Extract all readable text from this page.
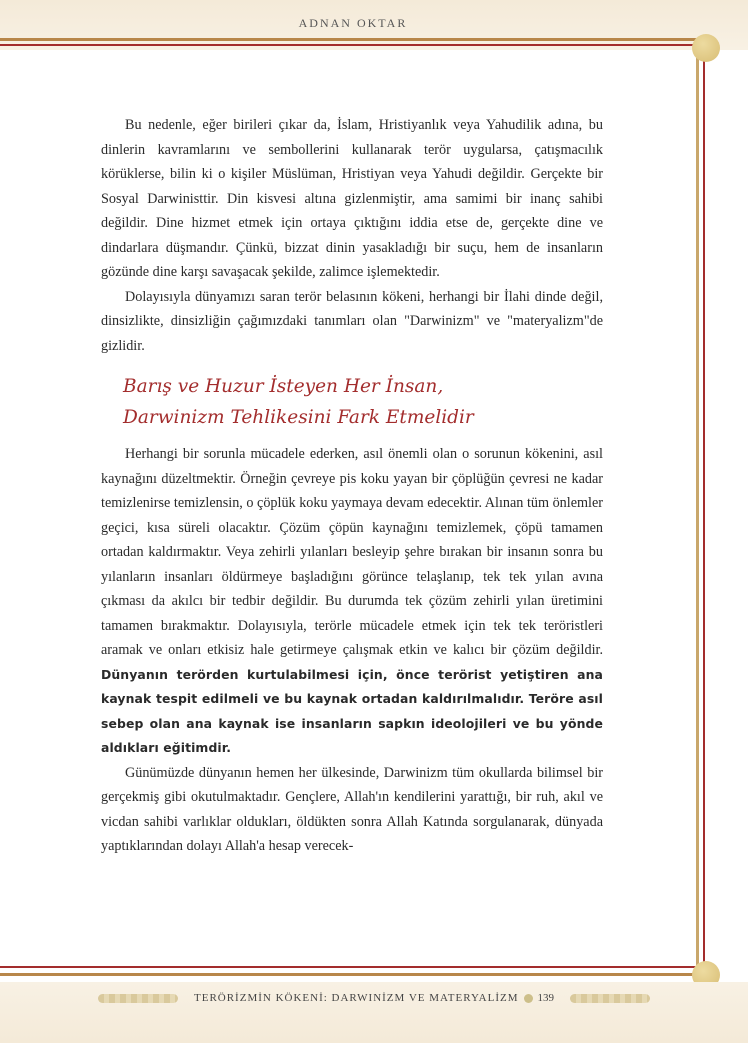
ADNAN OKTAR

Bu nedenle, eğer birileri çıkar da, İslam, Hristiyanlık veya Yahudilik adına, bu dinlerin kavramlarını ve sembollerini kullanarak terör uygularsa, çatışmacılık körüklerse, bilin ki o kişiler Müslüman, Hristiyan veya Yahudi değildir. Gerçekte bir Sosyal Darwinisttir. Din kisvesi altına gizlenmiştir, ama samimi bir inanç sahibi değildir. Dine hizmet etmek için ortaya çıktığını iddia etse de, gerçekte dine ve dindarlara düşmandır. Çünkü, bizzat dinin yasakladığı bir suçu, hem de insanların gözünde dine karşı savaşacak şekilde, zalimce işlemektedir.

Dolayısıyla dünyamızı saran terör belasının kökeni, herhangi bir İlahi dinde değil, dinsizlikte, dinsizliğin çağımızdaki tanımları olan "Darwinizm" ve "materyalizm"de gizlidir.

Barış ve Huzur İsteyen Her İnsan,
Darwinizm Tehlikesini Fark Etmelidir

Herhangi bir sorunla mücadele ederken, asıl önemli olan o sorunun kökenini, asıl kaynağını düzeltmektir. Örneğin çevreye pis koku yayan bir çöplüğün çevresi ne kadar temizlenirse temizlensin, o çöplük koku yaymaya devam edecektir. Alınan tüm önlemler geçici, kısa süreli olacaktır. Çözüm çöpün kaynağını temizlemek, çöpü tamamen ortadan kaldırmaktır. Veya zehirli yılanları besleyip şehre bırakan bir insanın sonra bu yılanların insanları öldürmeye başladığını görünce telaşlanıp, tek tek yılan avına çıkması da akılcı bir tedbir değildir. Bu durumda tek çözüm zehirli yılan üretimini tamamen bırakmaktır. Dolayısıyla, terörle mücadele etmek için tek tek teröristleri aramak ve onları etkisiz hale getirmeye çalışmak etkin ve kalıcı bir çözüm değildir. Dünyanın terörden kurtulabilmesi için, önce terörist yetiştiren ana kaynak tespit edilmeli ve bu kaynak ortadan kaldırılmalıdır. Teröre asıl sebep olan ana kaynak ise insanların sapkın ideolojileri ve bu yönde aldıkları eğitimdir.

Günümüzde dünyanın hemen her ülkesinde, Darwinizm tüm okullarda bilimsel bir gerçekmiş gibi okutulmaktadır. Gençlere, Allah'ın kendilerini yarattığı, bir ruh, akıl ve vicdan sahibi varlıklar oldukları, öldükten sonra Allah Katında sorgulanarak, dünyada yaptıklarından dolayı Allah'a hesap verecek-

TERÖRİZMİN KÖKENİ: DARWINİZM VE MATERYALİZM 139
